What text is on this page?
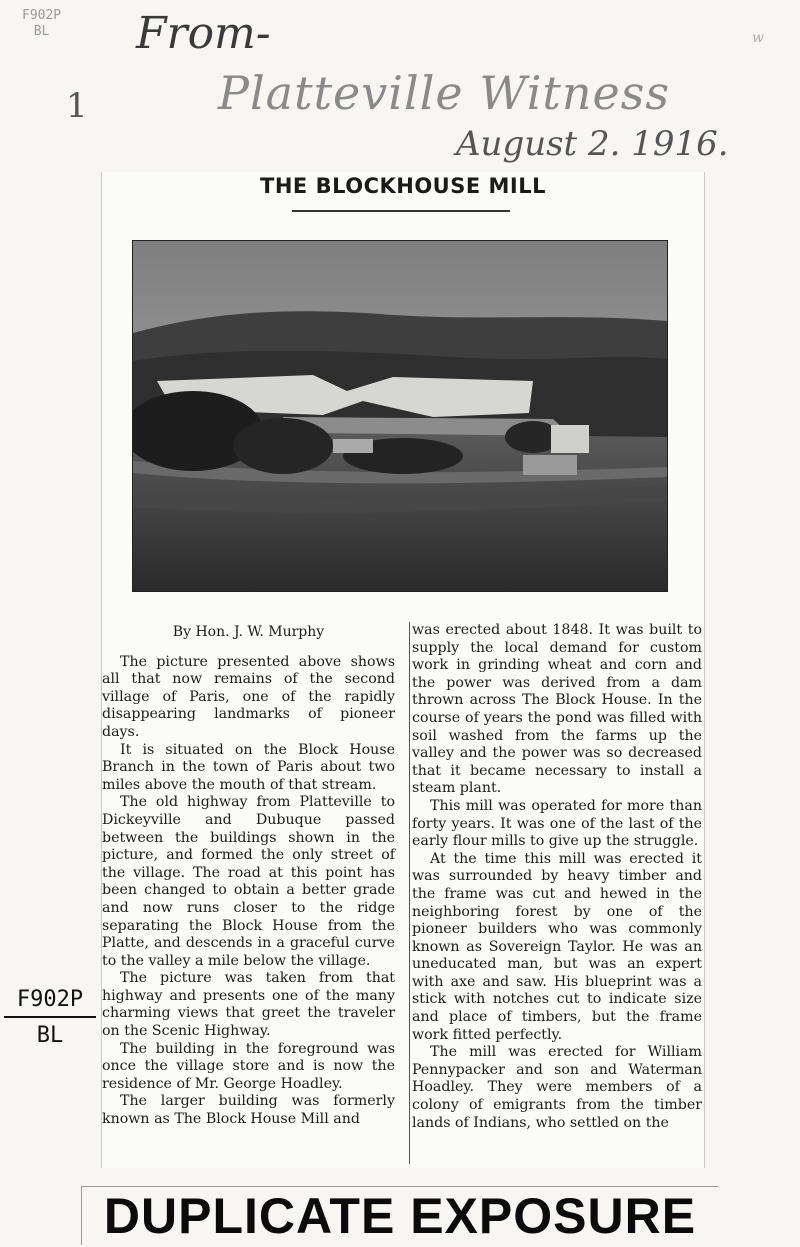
F902P
BL	w
1
From-
Platteville Witness
August 2. 1916.
THE BLOCKHOUSE MILL

By Hon. J. W. Murphy

The picture presented above shows all that now remains of the second village of Paris, one of the rapidly disappearing landmarks of pioneer days.

It is situated on the Block House Branch in the town of Paris about two miles above the mouth of that stream.

The old highway from Platteville to Dickeyville and Dubuque passed between the buildings shown in the picture, and formed the only street of the village. The road at this point has been changed to obtain a better grade and now runs closer to the ridge separating the Block House from the Platte, and descends in a graceful curve to the valley a mile below the village.

The picture was taken from that highway and presents one of the many charming views that greet the traveler on the Scenic Highway.

The building in the foreground was once the village store and is now the residence of Mr. George Hoadley.

The larger building was formerly known as The Block House Mill and

was erected about 1848. It was built to supply the local demand for custom work in grinding wheat and corn and the power was derived from a dam thrown across The Block House. In the course of years the pond was filled with soil washed from the farms up the valley and the power was so decreased that it became necessary to install a steam plant.

This mill was operated for more than forty years. It was one of the last of the early flour mills to give up the struggle.

At the time this mill was erected it was surrounded by heavy timber and the frame was cut and hewed in the neighboring forest by one of the pioneer builders who was commonly known as Sovereign Taylor. He was an uneducated man, but was an expert with axe and saw. His blueprint was a stick with notches cut to indicate size and place of timbers, but the frame work fitted perfectly.

The mill was erected for William Pennypacker and son and Waterman Hoadley. They were members of a colony of emigrants from the timber lands of Indians, who settled on the

F902P
BL
DUPLICATE EXPOSURE
